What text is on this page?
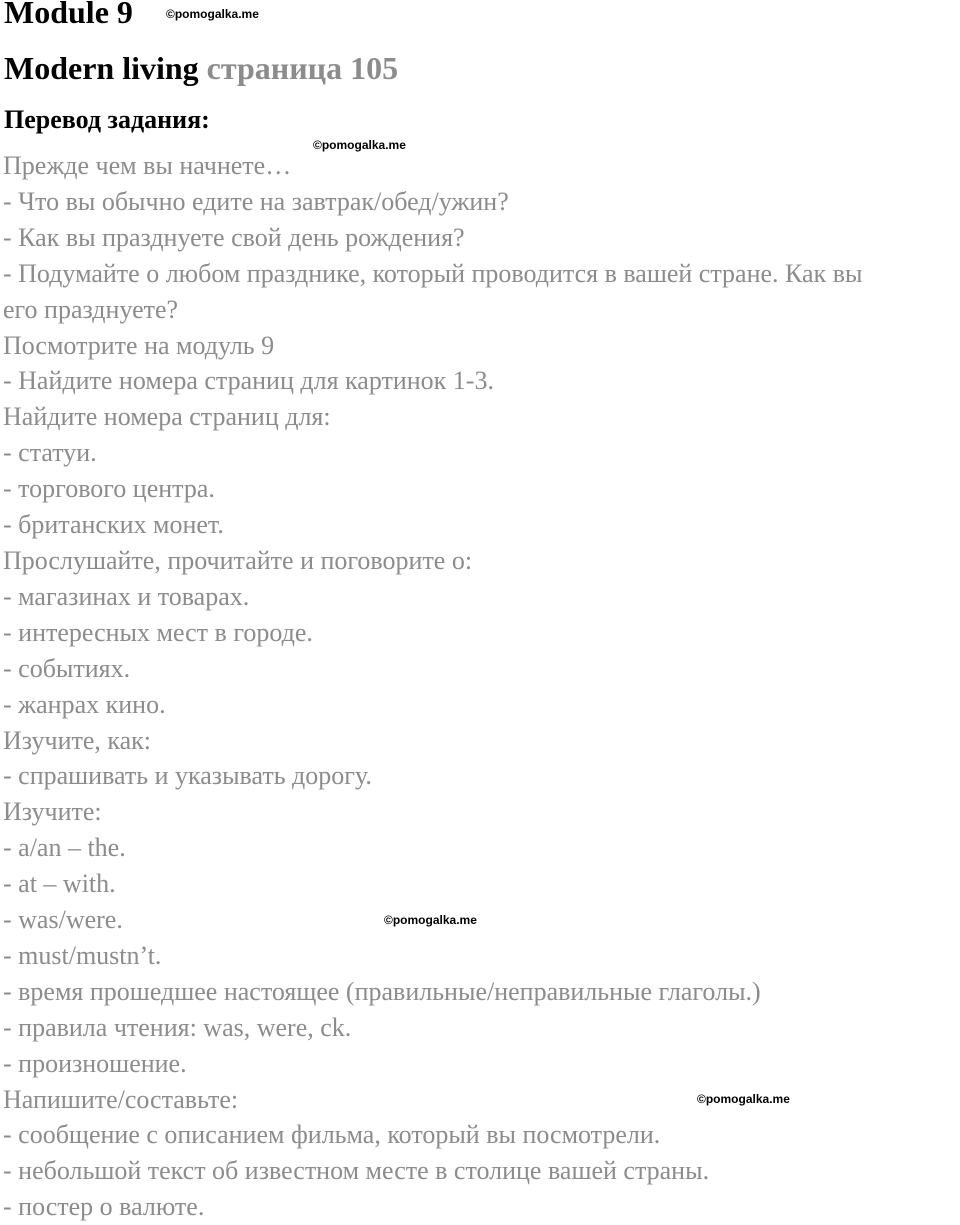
Module 9	©pomogalka.me
Modern living страница 105
Перевод задания:
©pomogalka.me
Прежде чем вы начнете…
- Что вы обычно едите на завтрак/обед/ужин?
- Как вы празднуете свой день рождения?
- Подумайте о любом празднике, который проводится в вашей стране. Как вы
его празднуете?
Посмотрите на модуль 9
- Найдите номера страниц для картинок 1-3.
Найдите номера страниц для:
- статуи.
- торгового центра.
- британских монет.
Прослушайте, прочитайте и поговорите о:
- магазинах и товарах.
- интересных мест в городе.
- событиях.
- жанрах кино.
Изучите, как:
- спрашивать и указывать дорогу.
Изучите:
- a/an – the.
- at – with.
- was/were.
- must/mustn’t.
- время прошедшее настоящее (правильные/неправильные глаголы.)
- правила чтения: was, were, ck.
- произношение.
Напишите/составьте:
- сообщение с описанием фильма, который вы посмотрели.
- небольшой текст об известном месте в столице вашей страны.
- постер о валюте.
©pomogalka.me
©pomogalka.me
